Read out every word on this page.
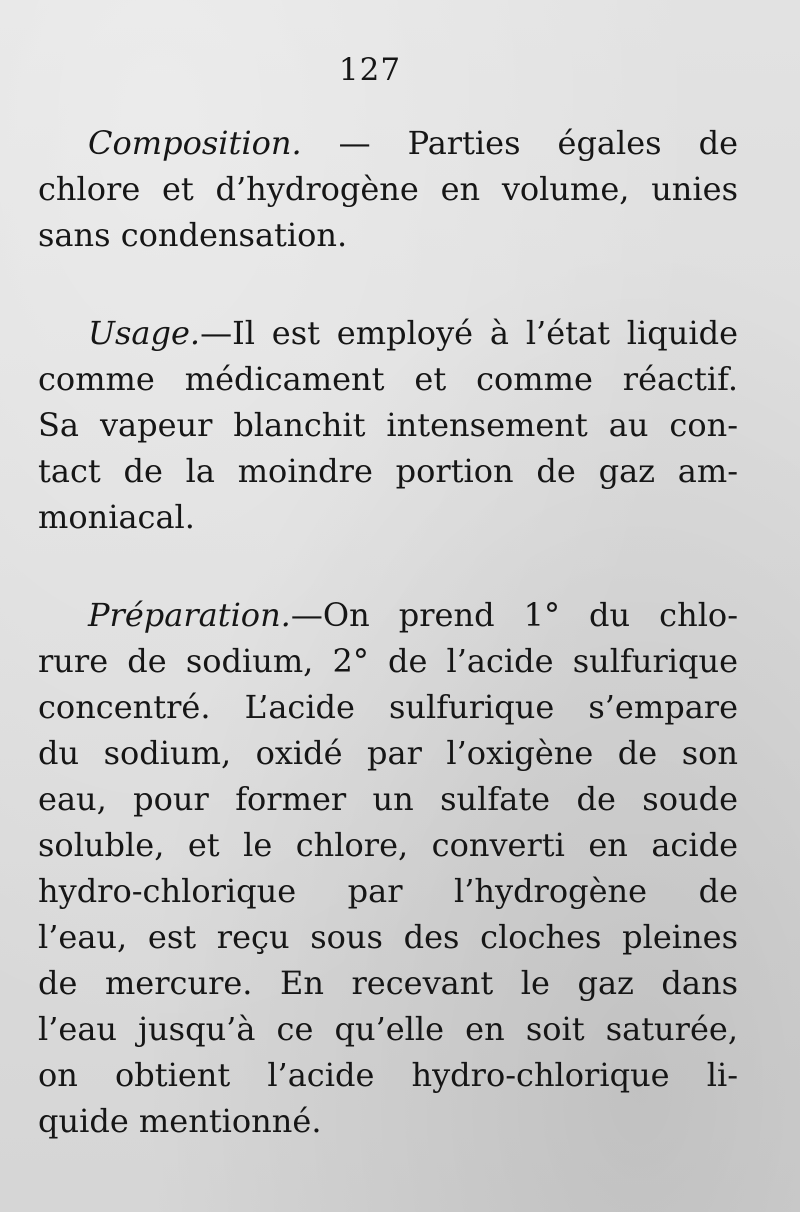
127
Composition. — Parties égales de
chlore et d’hydrogène en volume, unies
sans condensation.
Usage.—Il est employé à l’état liquide
comme médicament et comme réactif.
Sa vapeur blanchit intensement au con-
tact de la moindre portion de gaz am-
moniacal.
Préparation.—On prend 1° du chlo-
rure de sodium, 2° de l’acide sulfurique
concentré. L’acide sulfurique s’empare
du sodium, oxidé par l’oxigène de son
eau, pour former un sulfate de soude
soluble, et le chlore, converti en acide
hydro-chlorique par l’hydrogène de
l’eau, est reçu sous des cloches pleines
de mercure. En recevant le gaz dans
l’eau jusqu’à ce qu’elle en soit saturée,
on obtient l’acide hydro-chlorique li-
quide mentionné.
